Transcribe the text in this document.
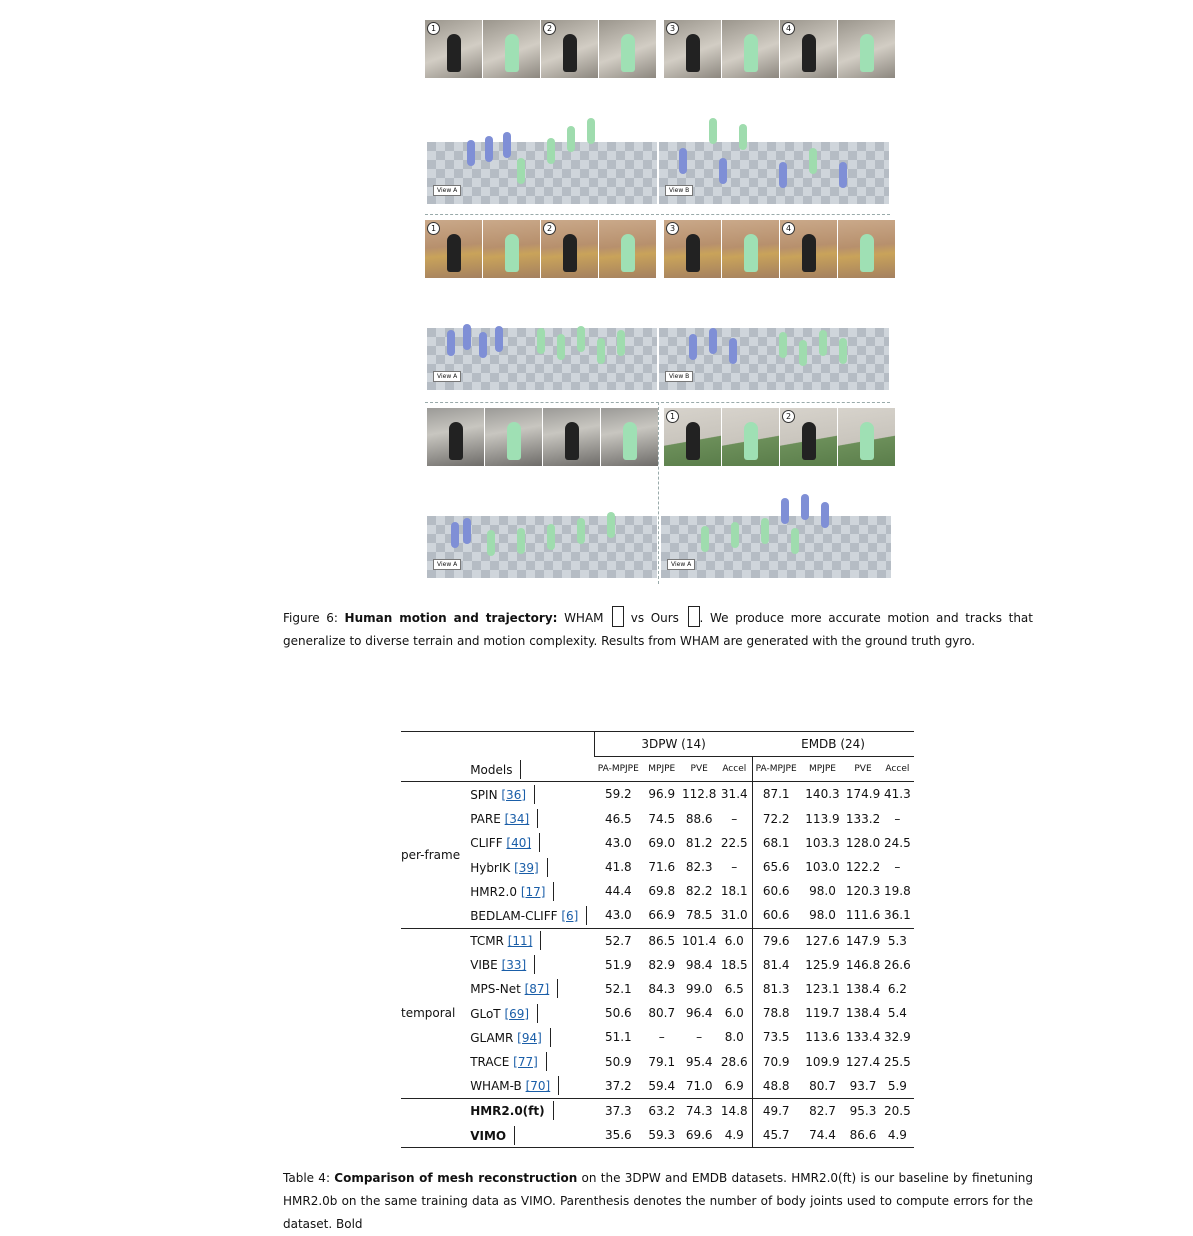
1	2	3	4
View A	View B
1	2	3	4
View A	View B
1	2
View A	View A
Figure 6: Human motion and trajectory: WHAM  vs Ours . We produce more accurate motion and tracks that generalize to diverse terrain and motion complexity. Results from WHAM are generated with the ground truth gyro.
		3DPW (14)				EMDB (24)			
	Models	PA-MPJPE	MPJPE	PVE	Accel	PA-MPJPE	MPJPE	PVE	Accel
per-frame	SPIN [36]	59.2	96.9	112.8	31.4	87.1	140.3	174.9	41.3
	PARE [34]	46.5	74.5	88.6	–	72.2	113.9	133.2	–
	CLIFF [40]	43.0	69.0	81.2	22.5	68.1	103.3	128.0	24.5
	HybrIK [39]	41.8	71.6	82.3	–	65.6	103.0	122.2	–
	HMR2.0 [17]	44.4	69.8	82.2	18.1	60.6	98.0	120.3	19.8
	BEDLAM-CLIFF [6]	43.0	66.9	78.5	31.0	60.6	98.0	111.6	36.1
temporal	TCMR [11]	52.7	86.5	101.4	6.0	79.6	127.6	147.9	5.3
	VIBE [33]	51.9	82.9	98.4	18.5	81.4	125.9	146.8	26.6
	MPS-Net [87]	52.1	84.3	99.0	6.5	81.3	123.1	138.4	6.2
	GLoT [69]	50.6	80.7	96.4	6.0	78.8	119.7	138.4	5.4
	GLAMR [94]	51.1	–	–	8.0	73.5	113.6	133.4	32.9
	TRACE [77]	50.9	79.1	95.4	28.6	70.9	109.9	127.4	25.5
	WHAM-B [70]	37.2	59.4	71.0	6.9	48.8	80.7	93.7	5.9
	HMR2.0(ft)	37.3	63.2	74.3	14.8	49.7	82.7	95.3	20.5
	VIMO	35.6	59.3	69.6	4.9	45.7	74.4	86.6	4.9
Table 4: Comparison of mesh reconstruction on the 3DPW and EMDB datasets. HMR2.0(ft) is our baseline by finetuning HMR2.0b on the same training data as VIMO. Parenthesis denotes the number of body joints used to compute errors for the dataset. Bold
